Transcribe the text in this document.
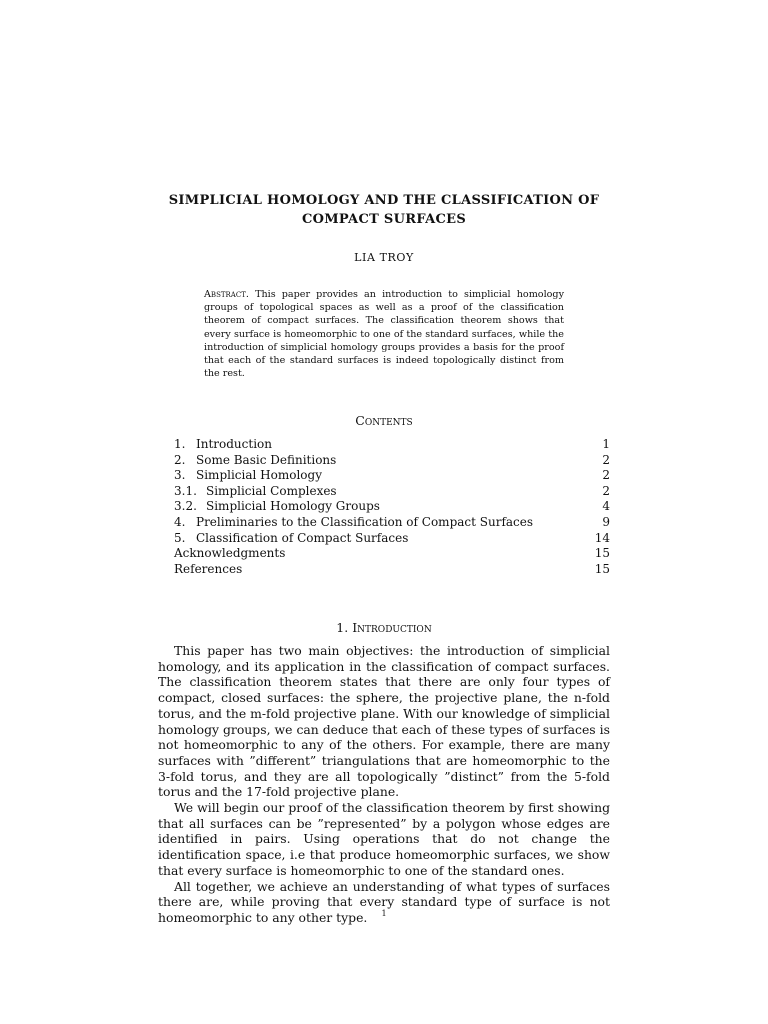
SIMPLICIAL HOMOLOGY AND THE CLASSIFICATION OF
COMPACT SURFACES
LIA TROY
Abstract. This paper provides an introduction to simplicial homology groups of topological spaces as well as a proof of the classification theorem of compact surfaces. The classification theorem shows that every surface is homeomorphic to one of the standard surfaces, while the introduction of simplicial homology groups provides a basis for the proof that each of the standard surfaces is indeed topologically distinct from the rest.
Contents
1. Introduction	1
2. Some Basic Definitions	2
3. Simplicial Homology	2
3.1. Simplicial Complexes	2
3.2. Simplicial Homology Groups	4
4. Preliminaries to the Classification of Compact Surfaces	9
5. Classification of Compact Surfaces	14
Acknowledgments	15
References	15
1. Introduction

This paper has two main objectives: the introduction of simplicial homology, and its application in the classification of compact surfaces. The classification theorem states that there are only four types of compact, closed surfaces: the sphere, the projective plane, the n-fold torus, and the m-fold projective plane. With our knowledge of simplicial homology groups, we can deduce that each of these types of surfaces is not homeomorphic to any of the others. For example, there are many surfaces with ”different” triangulations that are homeomorphic to the 3-fold torus, and they are all topologically ”distinct” from the 5-fold torus and the 17-fold projective plane.

We will begin our proof of the classification theorem by first showing that all surfaces can be ”represented” by a polygon whose edges are identified in pairs. Using operations that do not change the identification space, i.e that produce homeomorphic surfaces, we show that every surface is homeomorphic to one of the standard ones.

All together, we achieve an understanding of what types of surfaces there are, while proving that every standard type of surface is not homeomorphic to any other type.	1
